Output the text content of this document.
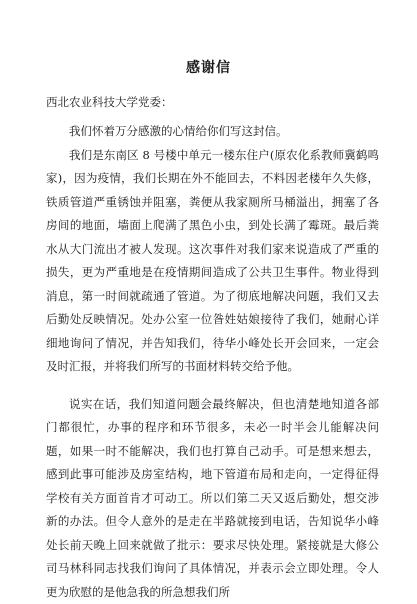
感谢信

西北农业科技大学党委：

我们怀着万分感激的心情给你们写这封信。

我们是东南区 8 号楼中单元一楼东住户(原农化系教师冀鹤鸣家)，因为疫情，我们长期在外不能回去，不料因老楼年久失修，铁质管道严重锈蚀并阻塞，粪便从我家厕所马桶溢出，拥塞了各房间的地面，墙面上爬满了黑色小虫，到处长满了霉斑。最后粪水从大门流出才被人发现。这次事件对我们家来说造成了严重的损失，更为严重地是在疫情期间造成了公共卫生事件。物业得到消息，第一时间就疏通了管道。为了彻底地解决问题，我们又去后勤处反映情况。处办公室一位昝姓姑娘接待了我们，她耐心详细地询问了情况，并告知我们，待华小峰处长开会回来，一定会及时汇报，并将我们所写的书面材料转交给予他。

说实在话，我们知道问题会最终解决，但也清楚地知道各部门都很忙，办事的程序和环节很多，未必一时半会儿能解决问题，如果一时不能解决，我们也打算自己动手。可是想来想去，感到此事可能涉及房室结构，地下管道布局和走向，一定得征得学校有关方面首肯才可动工。所以们第二天又返后勤处，想交涉新的办法。但令人意外的是走在半路就接到电话，告知说华小峰处长前天晚上回来就做了批示：要求尽快处理。紧接就是大修公司马林科同志找我们询问了具体情况，并表示会立即处理。令人更为欣慰的是他急我的所急想我们所
